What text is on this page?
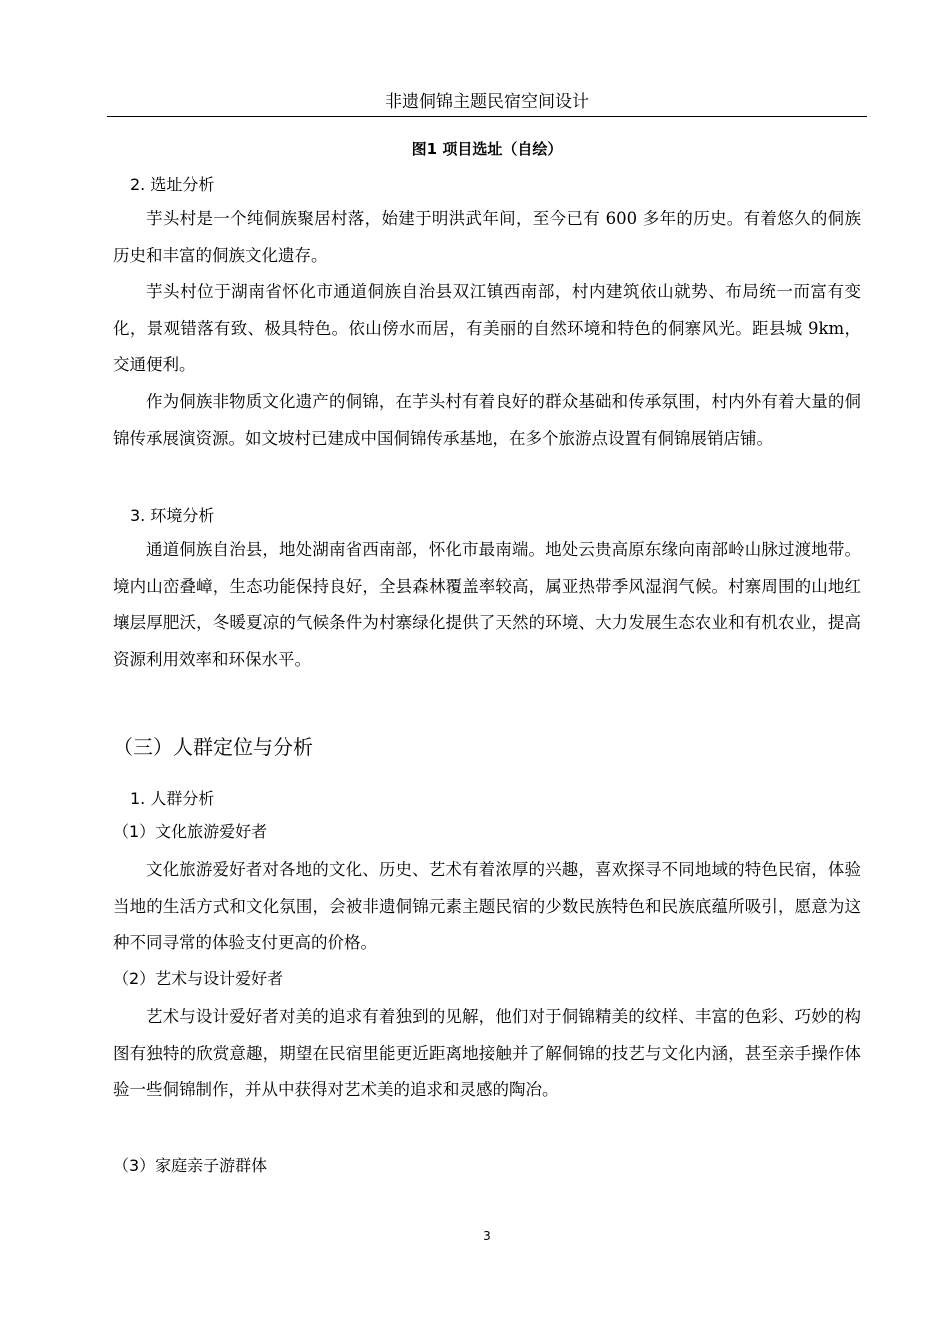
非遗侗锦主题民宿空间设计
图1 项目选址（自绘）
2. 选址分析

芋头村是一个纯侗族聚居村落，始建于明洪武年间，至今已有 600 多年的历史。有着悠久的侗族历史和丰富的侗族文化遗存。

芋头村位于湖南省怀化市通道侗族自治县双江镇西南部，村内建筑依山就势、布局统一而富有变化，景观错落有致、极具特色。依山傍水而居，有美丽的自然环境和特色的侗寨风光。距县城 9km，交通便利。

作为侗族非物质文化遗产的侗锦，在芋头村有着良好的群众基础和传承氛围，村内外有着大量的侗锦传承展演资源。如文坡村已建成中国侗锦传承基地，在多个旅游点设置有侗锦展销店铺。

3. 环境分析

通道侗族自治县，地处湖南省西南部，怀化市最南端。地处云贵高原东缘向南部岭山脉过渡地带。境内山峦叠嶂，生态功能保持良好，全县森林覆盖率较高，属亚热带季风湿润气候。村寨周围的山地红壤层厚肥沃，冬暖夏凉的气候条件为村寨绿化提供了天然的环境、大力发展生态农业和有机农业，提高资源利用效率和环保水平。

（三）人群定位与分析
1. 人群分析
（1）文化旅游爱好者

文化旅游爱好者对各地的文化、历史、艺术有着浓厚的兴趣，喜欢探寻不同地域的特色民宿，体验当地的生活方式和文化氛围，会被非遗侗锦元素主题民宿的少数民族特色和民族底蕴所吸引，愿意为这种不同寻常的体验支付更高的价格。

（2）艺术与设计爱好者

艺术与设计爱好者对美的追求有着独到的见解，他们对于侗锦精美的纹样、丰富的色彩、巧妙的构图有独特的欣赏意趣，期望在民宿里能更近距离地接触并了解侗锦的技艺与文化内涵，甚至亲手操作体验一些侗锦制作，并从中获得对艺术美的追求和灵感的陶冶。

（3）家庭亲子游群体
3
